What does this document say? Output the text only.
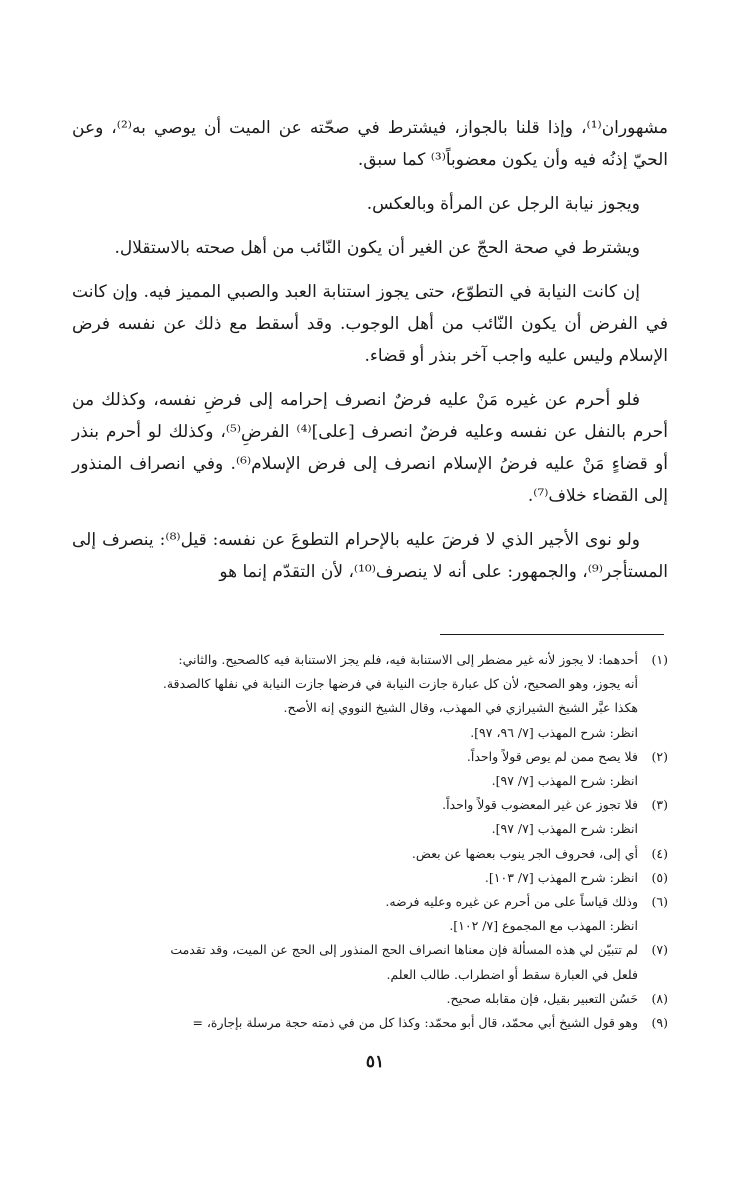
مشهوران⁽¹⁾، وإذا قلنا بالجواز، فيشترط في صحّته عن الميت أن يوصي به⁽²⁾، وعن الحيّ إذنُه فيه وأن يكون معضوباً⁽³⁾ كما سبق.

ويجوز نيابة الرجل عن المرأة وبالعكس.

ويشترط في صحة الحجّ عن الغير أن يكون النّائب من أهل صحته بالاستقلال.

إن كانت النيابة في التطوّع، حتى يجوز استنابة العبد والصبي المميز فيه. وإن كانت في الفرض أن يكون النّائب من أهل الوجوب. وقد أسقط مع ذلك عن نفسه فرض الإسلام وليس عليه واجب آخر بنذر أو قضاء.

فلو أحرم عن غيره مَنْ عليه فرضٌ انصرف إحرامه إلى فرضِ نفسه، وكذلك من أحرم بالنفل عن نفسه وعليه فرضٌ انصرف [على]⁽⁴⁾ الفرضِ⁽⁵⁾، وكذلك لو أحرم بنذر أو قضاءٍ مَنْ عليه فرضُ الإسلام انصرف إلى فرض الإسلام⁽⁶⁾. وفي انصراف المنذور إلى القضاء خلاف⁽⁷⁾.

ولو نوى الأجير الذي لا فرضَ عليه بالإحرام التطوعَ عن نفسه: قيل⁽⁸⁾: ينصرف إلى المستأجر⁽⁹⁾، والجمهور: على أنه لا ينصرف⁽¹⁰⁾، لأن التقدّم إنما هو

(١)
أحدهما: لا يجوز لأنه غير مضطر إلى الاستنابة فيه، فلم يجز الاستنابة فيه كالصحيح. والثاني:
أنه يجوز، وهو الصحيح، لأن كل عبارة جازت النيابة في فرضها جازت النيابة في نفلها كالصدقة.
هكذا عبَّر الشيخ الشيرازي في المهذب، وقال الشيخ النووي إنه الأصح.
انظر: شرح المهذب [٧/ ٩٦، ٩٧].
(٢)
فلا يصح ممن لم يوص قولاً واحداً.
انظر: شرح المهذب [٧/ ٩٧].
(٣)
فلا تجوز عن غير المعضوب قولاً واحداً.
انظر: شرح المهذب [٧/ ٩٧].
(٤)
أي إلى، فحروف الجر ينوب بعضها عن بعض.
(٥)
انظر: شرح المهذب [٧/ ١٠٣].
(٦)
وذلك قياساً على من أحرم عن غيره وعليه فرضه.
انظر: المهذب مع المجموع [٧/ ١٠٢].
(٧)
لم تتبيّن لي هذه المسألة فإن معناها انصراف الحج المنذور إلى الحج عن الميت، وقد تقدمت
فلعل في العبارة سقط أو اضطراب. طالب العلم.
(٨)
حَسُن التعبير بقيل، فإن مقابله صحيح.
(٩)
وهو قول الشيخ أبي محمّد، قال أبو محمّد: وكذا كل من في ذمته حجة مرسلة بإجارة، =
٥١
